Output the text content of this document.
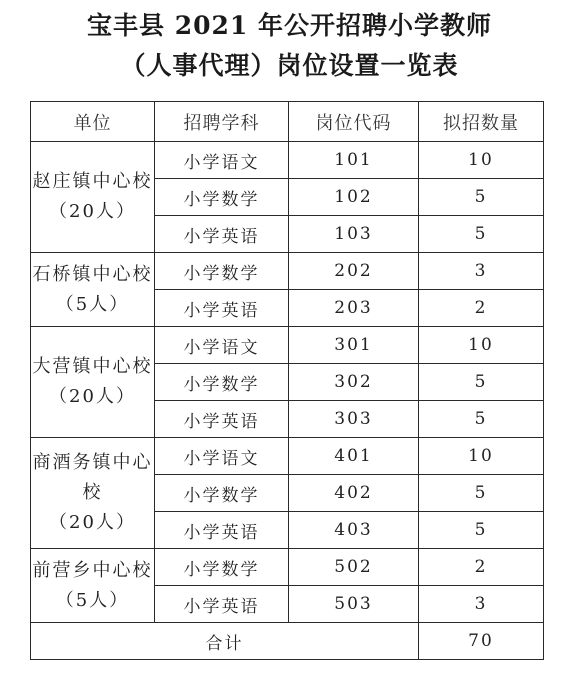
宝丰县 2021 年公开招聘小学教师
（人事代理）岗位设置一览表
单位	招聘学科	岗位代码	拟招数量

赵庄镇中心校
（20人）	小学语文	101	10
	小学数学	102	5
	小学英语	103	5

石桥镇中心校
（5人）	小学数学	202	3
	小学英语	203	2

大营镇中心校
（20人）	小学语文	301	10
	小学数学	302	5
	小学英语	303	5

商酒务镇中心校
（20人）	小学语文	401	10
	小学数学	402	5
	小学英语	403	5

前营乡中心校
（5人）	小学数学	502	2
	小学英语	503	3
合计			70
